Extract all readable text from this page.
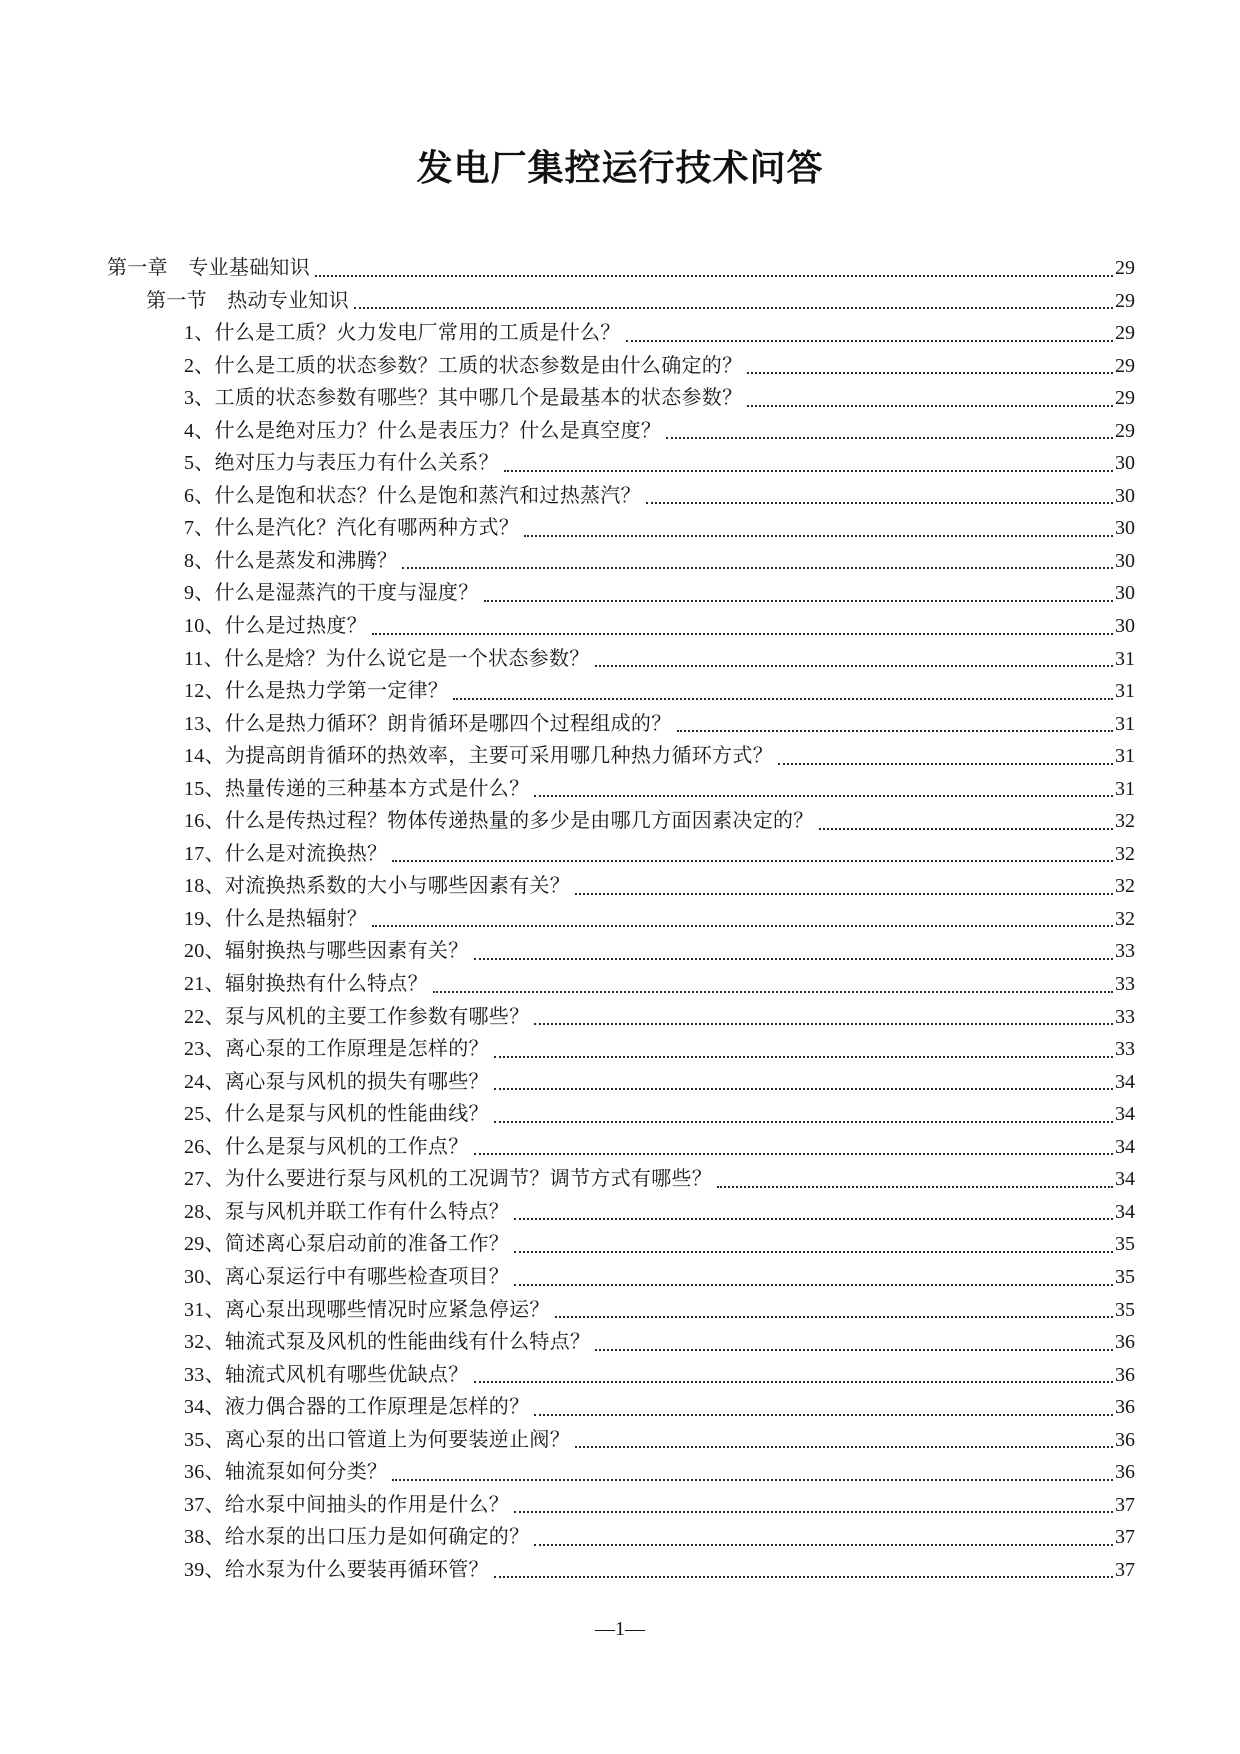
发电厂集控运行技术问答
第一章　专业基础知识	29
第一节　热动专业知识	29
1、什么是工质？火力发电厂常用的工质是什么？	29
2、什么是工质的状态参数？工质的状态参数是由什么确定的？	29
3、工质的状态参数有哪些？其中哪几个是最基本的状态参数？	29
4、什么是绝对压力？什么是表压力？什么是真空度？	29
5、绝对压力与表压力有什么关系？	30
6、什么是饱和状态？什么是饱和蒸汽和过热蒸汽？	30
7、什么是汽化？汽化有哪两种方式？	30
8、什么是蒸发和沸腾？	30
9、什么是湿蒸汽的干度与湿度？	30
10、什么是过热度？	30
11、什么是焓？为什么说它是一个状态参数？	31
12、什么是热力学第一定律？	31
13、什么是热力循环？朗肯循环是哪四个过程组成的？	31
14、为提高朗肯循环的热效率，主要可采用哪几种热力循环方式？	31
15、热量传递的三种基本方式是什么？	31
16、什么是传热过程？物体传递热量的多少是由哪几方面因素决定的？	32
17、什么是对流换热？	32
18、对流换热系数的大小与哪些因素有关？	32
19、什么是热辐射？	32
20、辐射换热与哪些因素有关？	33
21、辐射换热有什么特点？	33
22、泵与风机的主要工作参数有哪些？	33
23、离心泵的工作原理是怎样的？	33
24、离心泵与风机的损失有哪些？	34
25、什么是泵与风机的性能曲线？	34
26、什么是泵与风机的工作点？	34
27、为什么要进行泵与风机的工况调节？调节方式有哪些？	34
28、泵与风机并联工作有什么特点？	34
29、简述离心泵启动前的准备工作？	35
30、离心泵运行中有哪些检查项目？	35
31、离心泵出现哪些情况时应紧急停运？	35
32、轴流式泵及风机的性能曲线有什么特点？	36
33、轴流式风机有哪些优缺点？	36
34、液力偶合器的工作原理是怎样的？	36
35、离心泵的出口管道上为何要装逆止阀？	36
36、轴流泵如何分类？	36
37、给水泵中间抽头的作用是什么？	37
38、给水泵的出口压力是如何确定的？	37
39、给水泵为什么要装再循环管？	37
—1—
